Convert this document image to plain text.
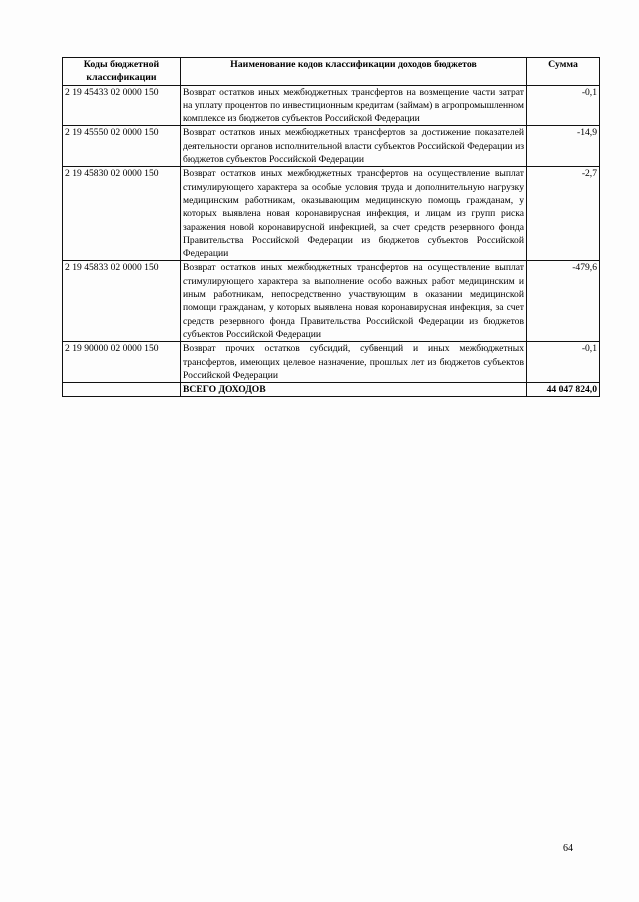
Коды бюджетной классификации	Наименование кодов классификации доходов бюджетов	Сумма
2 19 45433 02 0000 150	Возврат остатков иных межбюджетных трансфертов на возмещение части затрат на уплату процентов по инвестиционным кредитам (займам) в агропромышленном комплексе из бюджетов субъектов Российской Федерации	-0,1
2 19 45550 02 0000 150	Возврат остатков иных межбюджетных трансфертов за достижение показателей деятельности органов исполнительной власти субъектов Российской Федерации из бюджетов субъектов Российской Федерации	-14,9
2 19 45830 02 0000 150	Возврат остатков иных межбюджетных трансфертов на осуществление выплат стимулирующего характера за особые условия труда и дополнительную нагрузку медицинским работникам, оказывающим медицинскую помощь гражданам, у которых выявлена новая коронавирусная инфекция, и лицам из групп риска заражения новой коронавирусной инфекцией, за счет средств резервного фонда Правительства Российской Федерации из бюджетов субъектов Российской Федерации	-2,7
2 19 45833 02 0000 150	Возврат остатков иных межбюджетных трансфертов на осуществление выплат стимулирующего характера за выполнение особо важных работ медицинским и иным работникам, непосредственно участвующим в оказании медицинской помощи гражданам, у которых выявлена новая коронавирусная инфекция, за счет средств резервного фонда Правительства Российской Федерации из бюджетов субъектов Российской Федерации	-479,6
2 19 90000 02 0000 150	Возврат прочих остатков субсидий, субвенций и иных межбюджетных трансфертов, имеющих целевое назначение, прошлых лет из бюджетов субъектов Российской Федерации	-0,1
	ВСЕГО ДОХОДОВ	44 047 824,0
64
